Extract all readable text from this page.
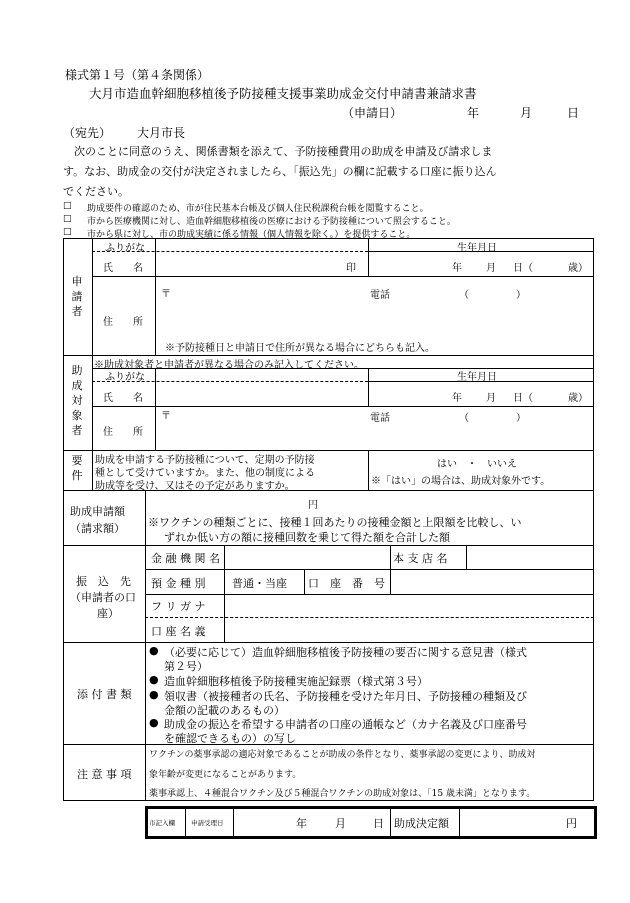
様式第１号（第４条関係）
大月市造血幹細胞移植後予防接種支援事業助成金交付申請書兼請求書
（申請日）	年	月	日
（宛先） 大月市長
　次のことに同意のうえ、関係書類を添えて、予防接種費用の助成を申請及び請求しま
す。なお、助成金の交付が決定されましたら、「振込先」の欄に記載する口座に振り込ん
でください。
□ 助成要件の確認のため、市が住民基本台帳及び個人住民税課税台帳を閲覧すること。
□ 市から医療機関に対し、造血幹細胞移植後の医療における予防接種について照会すること。
□ 市から県に対し、市の助成実績に係る情報（個人情報を除く。）を提供すること。
申請者
ふりがな	生年月日
氏　　名	印	年 月 日（	歳）
〒	電話	（	）
住　　所
※予防接種日と申請日で住所が異なる場合にどちらも記入。
助成対象者
※助成対象者と申請者が異なる場合のみ記入してください。
ふりがな	生年月日
氏　　名	年 月 日（	歳）
〒	電話	（	）
住　　所
要件
助成を申請する予防接種について、定期の予防接
種として受けていますか。また、他の制度による
助成等を受け、又はその予定がありますか。
はい　・　いいえ
※「はい」の場合は、助成対象外です。
助成申請額
（請求額）
円
※ワクチンの種類ごとに、接種１回あたりの接種金額と上限額を比較し、い
ずれか低い方の額に接種回数を乗じて得た額を合計した額
振　込　先
（申請者の口
座）
金 融 機 関 名	本 支 店 名
預 金 種 別 普通・当座 口　座　番　号
フ リ ガ ナ
口 座 名 義
添 付 書 類
● （必要に応じて）造血幹細胞移植後予防接種の要否に関する意見書（様式
第２号）
● 造血幹細胞移植後予防接種実施記録票（様式第３号）
● 領収書（被接種者の氏名、予防接種を受けた年月日、予防接種の種類及び
金額の記載のあるもの）
● 助成金の振込を希望する申請者の口座の通帳など（カナ名義及び口座番号
を確認できるもの）の写し
注 意 事 項
ワクチンの薬事承認の適応対象であることが助成の条件となり、薬事承認の変更により、助成対
象年齢が変更になることがあります。
薬事承認上、４種混合ワクチン及び５種混合ワクチンの助成対象は、「15 歳未満」となります。
市記入欄 申請受理日	年	月 日 助成決定額	円
